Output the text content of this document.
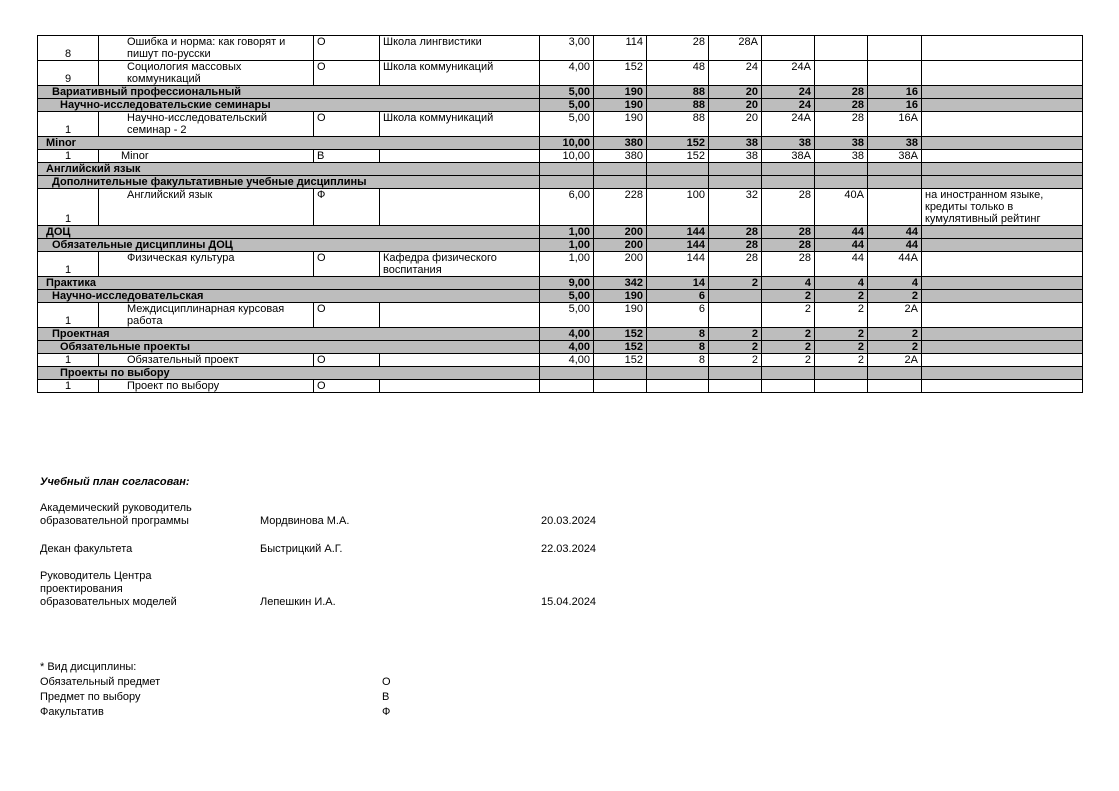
8	Ошибка и норма: как говорят и пишут по-русски	О	Школа лингвистики	3,00	114	28	28А				
9	Социология массовых коммуникаций	О	Школа коммуникаций	4,00	152	48	24	24А			
Вариативный профессиональный				5,00	190	88	20	24	28	16	
Научно-исследовательские семинары				5,00	190	88	20	24	28	16	
1	Научно-исследовательский семинар - 2	О	Школа коммуникаций	5,00	190	88	20	24А	28	16А	
Minor				10,00	380	152	38	38	38	38	
1	Minor	В		10,00	380	152	38	38А	38	38А	
Английский язык											
Дополнительные факультативные учебные дисциплины											
1	Английский язык	Ф		6,00	228	100	32	28	40А		на иностранном языке, кредиты только в кумулятивный рейтинг
ДОЦ				1,00	200	144	28	28	44	44	
Обязательные дисциплины ДОЦ				1,00	200	144	28	28	44	44	
1	Физическая культура	О	Кафедра физического воспитания	1,00	200	144	28	28	44	44А	
Практика				9,00	342	14	2	4	4	4	
Научно-исследовательская				5,00	190	6		2	2	2	
1	Междисциплинарная курсовая работа	О		5,00	190	6		2	2	2А	
Проектная				4,00	152	8	2	2	2	2	
Обязательные проекты				4,00	152	8	2	2	2	2	
1	Обязательный проект	О		4,00	152	8	2	2	2	2А	
Проекты по выбору											
1	Проект по выбору	О									
Учебный план согласован:
Академический руководитель
образовательной программы	Мордвинова М.А.	20.03.2024
Декан факультета	Быстрицкий А.Г.	22.03.2024
Руководитель Центра
проектирования
образовательных моделей	Лепешкин И.А.	15.04.2024
* Вид дисциплины:
Обязательный предмет	О
Предмет по выбору	В
Факультатив	Ф
